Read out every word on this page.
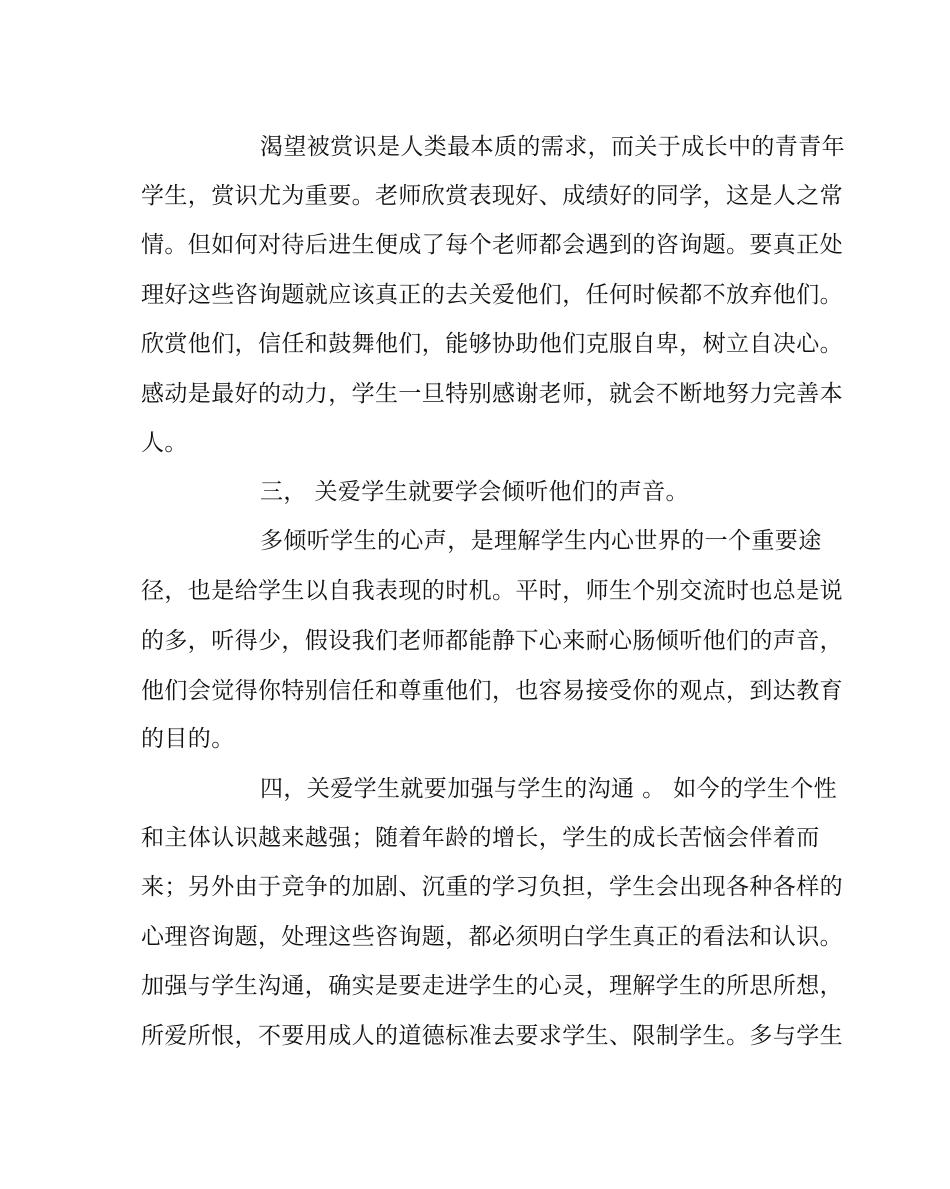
渴望被赏识是人类最本质的需求，而关于成长中的青青年

学生，赏识尤为重要。老师欣赏表现好、成绩好的同学，这是人之常

情。但如何对待后进生便成了每个老师都会遇到的咨询题。要真正处

理好这些咨询题就应该真正的去关爱他们，任何时候都不放弃他们。

欣赏他们，信任和鼓舞他们，能够协助他们克服自卑，树立自决心。

感动是最好的动力，学生一旦特别感谢老师，就会不断地努力完善本

人。

三， 关爱学生就要学会倾听他们的声音。

多倾听学生的心声，是理解学生内心世界的一个重要途

径，也是给学生以自我表现的时机。平时，师生个别交流时也总是说

的多，听得少，假设我们老师都能静下心来耐心肠倾听他们的声音，

他们会觉得你特别信任和尊重他们，也容易接受你的观点，到达教育

的目的。

四，关爱学生就要加强与学生的沟通 。 如今的学生个性

和主体认识越来越强；随着年龄的增长，学生的成长苦恼会伴着而

来；另外由于竞争的加剧、沉重的学习负担，学生会出现各种各样的

心理咨询题，处理这些咨询题，都必须明白学生真正的看法和认识。

加强与学生沟通，确实是要走进学生的心灵，理解学生的所思所想，

所爱所恨，不要用成人的道德标准去要求学生、限制学生。多与学生
